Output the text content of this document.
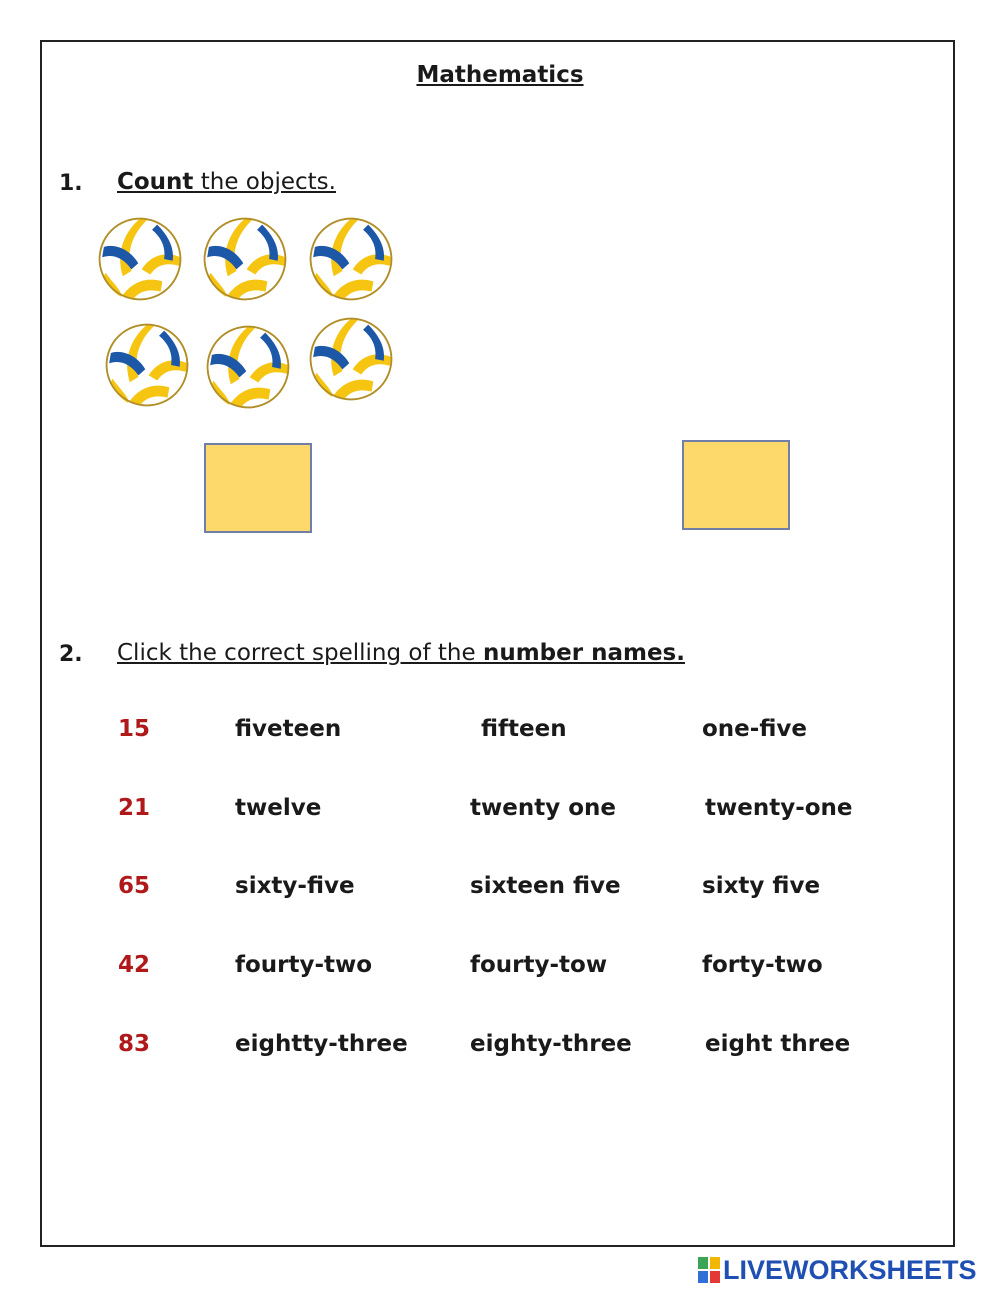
Mathematics
1. Count the objects.
2. Click the correct spelling of the number names.
15	fiveteen	fifteen	one-five
21	twelve	twenty one	twenty-one
65	sixty-five	sixteen five	sixty five
42	fourty-two	fourty-tow	forty-two
83	eightty-three	eighty-three	eight three
LIVEWORKSHEETS
